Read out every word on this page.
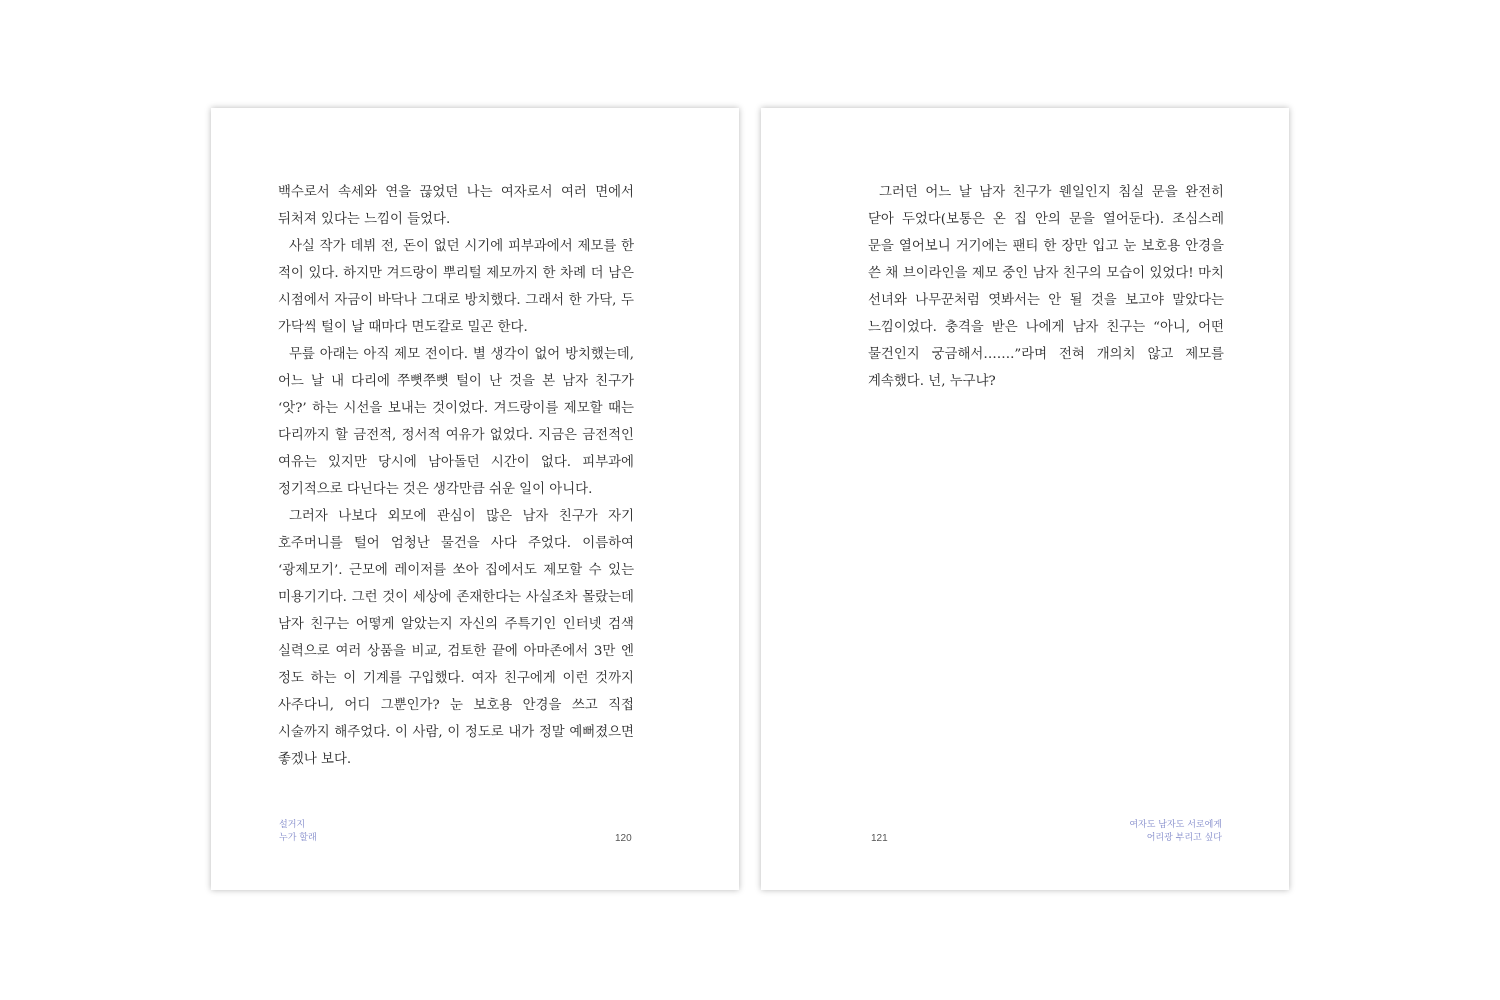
백수로서 속세와 연을 끊었던 나는 여자로서 여러 면에서 뒤처져 있다는 느낌이 들었다.

사실 작가 데뷔 전, 돈이 없던 시기에 피부과에서 제모를 한 적이 있다. 하지만 겨드랑이 뿌리털 제모까지 한 차례 더 남은 시점에서 자금이 바닥나 그대로 방치했다. 그래서 한 가닥, 두 가닥씩 털이 날 때마다 면도칼로 밀곤 한다.

무릎 아래는 아직 제모 전이다. 별 생각이 없어 방치했는데, 어느 날 내 다리에 쭈뼛쭈뼛 털이 난 것을 본 남자 친구가 ‘앗?’ 하는 시선을 보내는 것이었다. 겨드랑이를 제모할 때는 다리까지 할 금전적, 정서적 여유가 없었다. 지금은 금전적인 여유는 있지만 당시에 남아돌던 시간이 없다. 피부과에 정기적으로 다닌다는 것은 생각만큼 쉬운 일이 아니다.

그러자 나보다 외모에 관심이 많은 남자 친구가 자기 호주머니를 털어 엄청난 물건을 사다 주었다. 이름하여 ‘광제모기’. 근모에 레이저를 쏘아 집에서도 제모할 수 있는 미용기기다. 그런 것이 세상에 존재한다는 사실조차 몰랐는데 남자 친구는 어떻게 알았는지 자신의 주특기인 인터넷 검색 실력으로 여러 상품을 비교, 검토한 끝에 아마존에서 3만 엔 정도 하는 이 기계를 구입했다. 여자 친구에게 이런 것까지 사주다니, 어디 그뿐인가? 눈 보호용 안경을 쓰고 직접 시술까지 해주었다. 이 사람, 이 정도로 내가 정말 예뻐졌으면 좋겠나 보다.

설거지
누가 할래	120

그러던 어느 날 남자 친구가 웬일인지 침실 문을 완전히 닫아 두었다(보통은 온 집 안의 문을 열어둔다). 조심스레 문을 열어보니 거기에는 팬티 한 장만 입고 눈 보호용 안경을 쓴 채 브이라인을 제모 중인 남자 친구의 모습이 있었다! 마치 선녀와 나무꾼처럼 엿봐서는 안 될 것을 보고야 말았다는 느낌이었다. 충격을 받은 나에게 남자 친구는 “아니, 어떤 물건인지 궁금해서…….”라며 전혀 개의치 않고 제모를 계속했다. 넌, 누구냐?

여자도 남자도 서로에게
어리광 부리고 싶다
121
